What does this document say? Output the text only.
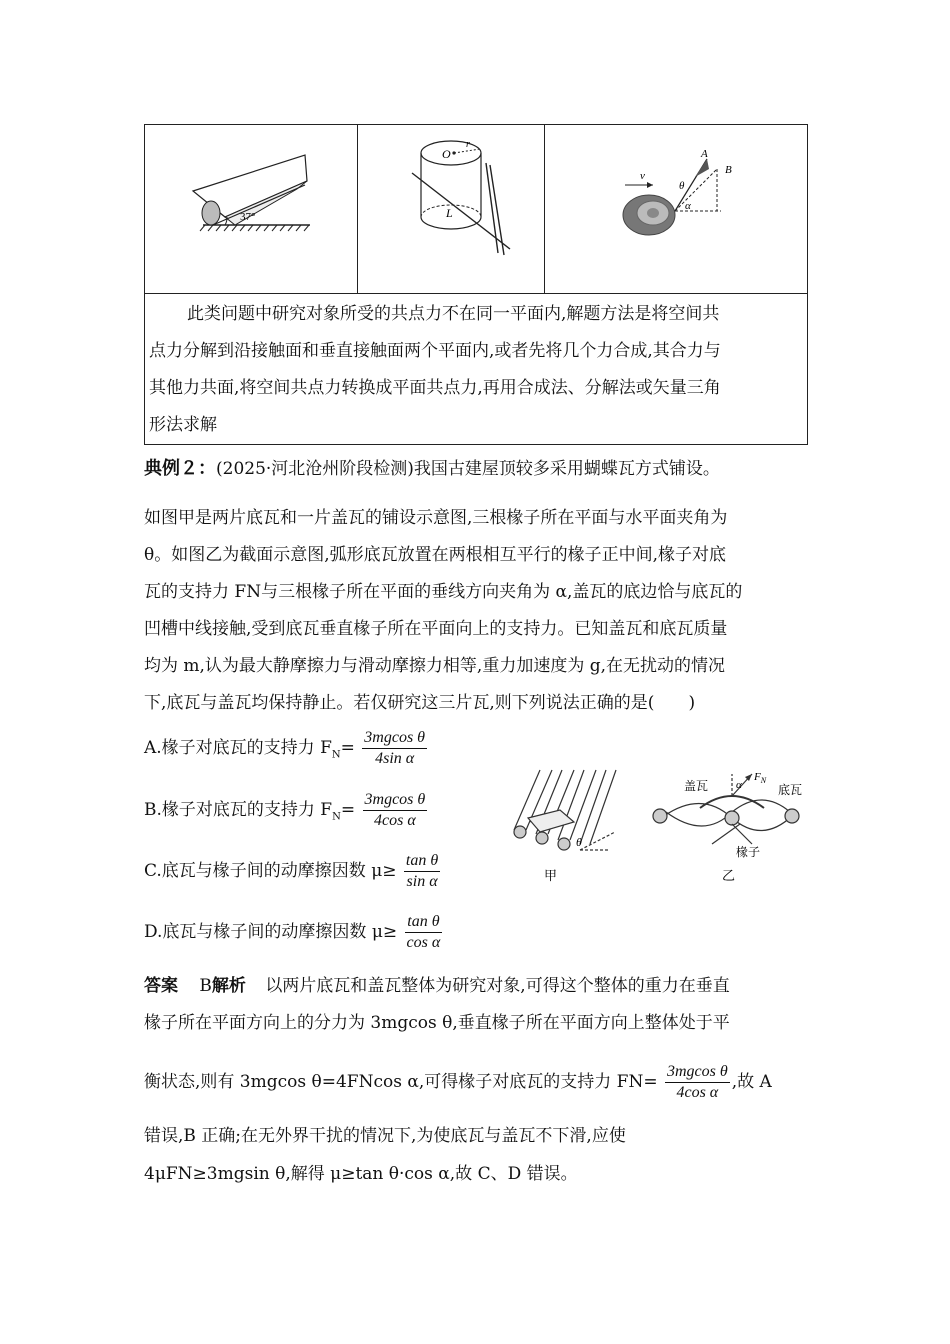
37°

O
r
L

v
A
B
θ
α

此类问题中研究对象所受的共点力不在同一平面内,解题方法是将空间共
点力分解到沿接触面和垂直接触面两个平面内,或者先将几个力合成,其合力与
其他力共面,将空间共点力转换成平面共点力,再用合成法、分解法或矢量三角
形法求解
典例２：(2025·河北沧州阶段检测)我国古建屋顶较多采用蝴蝶瓦方式铺设。
如图甲是两片底瓦和一片盖瓦的铺设示意图,三根椽子所在平面与水平面夹角为
θ。如图乙为截面示意图,弧形底瓦放置在两根相互平行的椽子正中间,椽子对底
瓦的支持力 FN与三根椽子所在平面的垂线方向夹角为 α,盖瓦的底边恰与底瓦的
凹槽中线接触,受到底瓦垂直椽子所在平面向上的支持力。已知盖瓦和底瓦质量
均为 m,认为最大静摩擦力与滑动摩擦力相等,重力加速度为 g,在无扰动的情况
下,底瓦与盖瓦均保持静止。若仅研究这三片瓦,则下列说法正确的是(　　)
A.椽子对底瓦的支持力 $F_N= \frac{\text{3mgcos θ}}{\text{4sin α}}$
B.椽子对底瓦的支持力 $F_N= \frac{\text{3mgcos θ}}{\text{4cos α}}$
C.底瓦与椽子间的动摩擦因数 $\mu\ge \frac{\text{tan θ}}{\text{sin α}}$
D.底瓦与椽子间的动摩擦因数 $\mu\ge \frac{\text{tan θ}}{\text{cos α}}$
θ
甲
α
$F_N$
盖瓦	底瓦
椽子
乙
答案 B解析 以两片底瓦和盖瓦整体为研究对象,可得这个整体的重力在垂直
椽子所在平面方向上的分力为 3mgcos θ,垂直椽子所在平面方向上整体处于平
衡状态,则有 3mgcos θ=4FNcos α,可得椽子对底瓦的支持力 $FN= \frac{\text{3mgcos θ}}{\text{4cos α}}$ ,故 A
错误,B 正确;在无外界干扰的情况下,为使底瓦与盖瓦不下滑,应使
4μFN≥3mgsin θ,解得 μ≥tan θ·cos α,故 C、D 错误。
